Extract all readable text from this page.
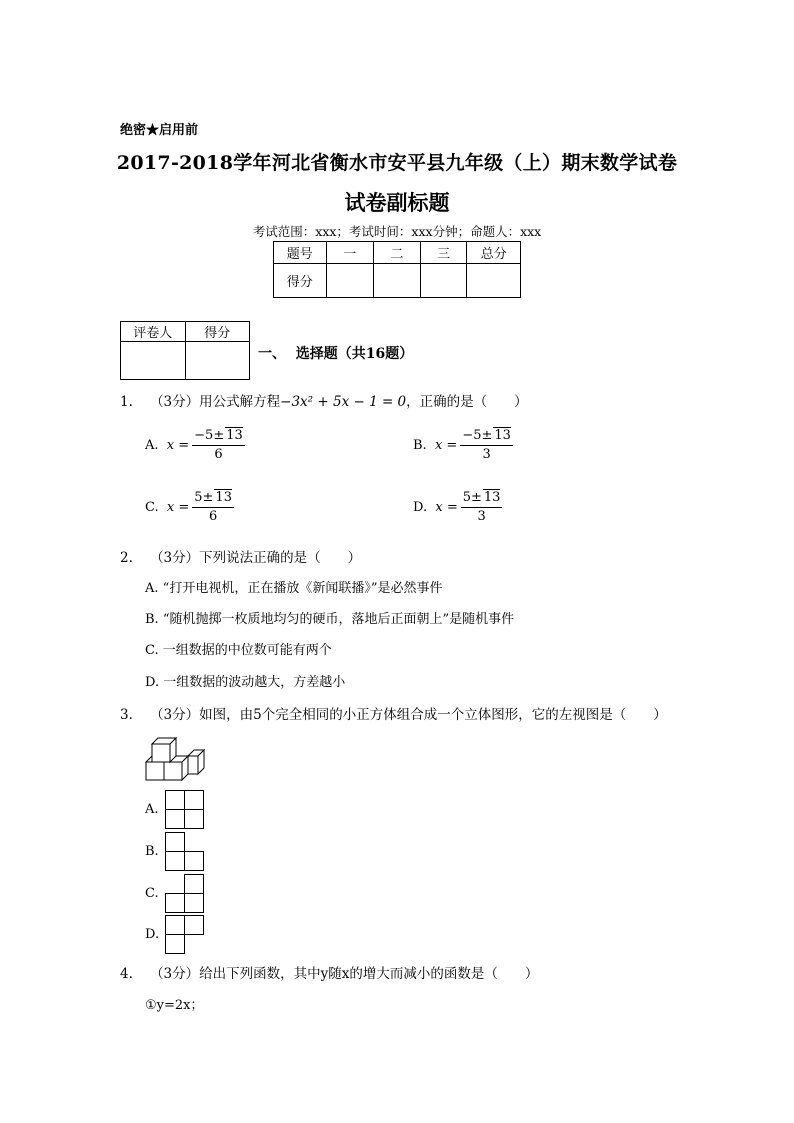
绝密★启用前
2017-2018学年河北省衡水市安平县九年级（上）期末数学试卷
试卷副标题
考试范围：xxx；考试时间：xxx分钟；命题人：xxx
题号	一	二	三	总分
得分				
评卷人	得分

一、 选择题（共16题）
1. （3分）用公式解方程−3x² + 5x − 1 = 0，正确的是（　　）
A.
$x = \frac{-5\pm 13}{6}$	B.
$x = \frac{-5\pm 13}{3}$
C.
$x = \frac{5\pm 13}{6}$	D.
$x = \frac{5\pm 13}{3}$
2. （3分）下列说法正确的是（　　）
A. “打开电视机，正在播放《新闻联播》”是必然事件
B. “随机抛掷一枚质地均匀的硬币，落地后正面朝上”是随机事件
C. 一组数据的中位数可能有两个
D. 一组数据的波动越大，方差越小
3. （3分）如图，由5个完全相同的小正方体组合成一个立体图形，它的左视图是（　　）
A.
B.
C.
D.
4. （3分）给出下列函数，其中y随x的增大而减小的函数是（　　）
①y=2x；
